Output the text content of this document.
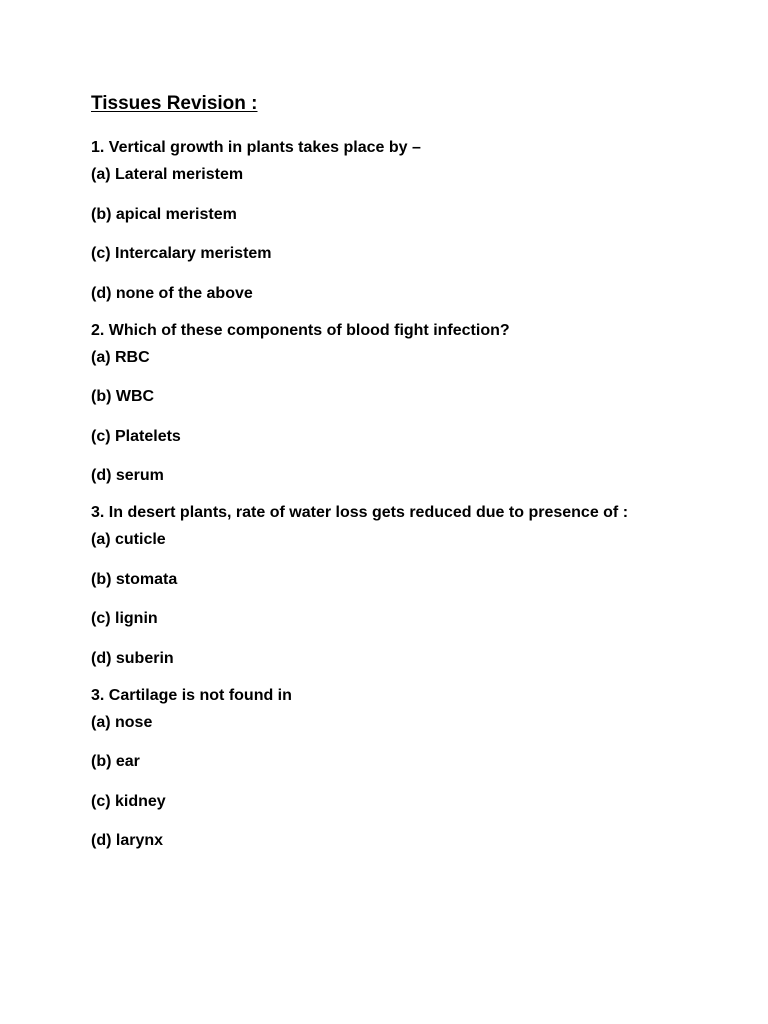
Tissues Revision :
1. Vertical growth in plants takes place by –
(a) Lateral meristem
(b) apical meristem
(c) Intercalary meristem
(d) none of the above
2. Which of these components of blood fight infection?
(a) RBC
(b) WBC
(c) Platelets
(d) serum
3. In desert plants, rate of water loss gets reduced due to presence of :
(a) cuticle
(b) stomata
(c) lignin
(d) suberin
3. Cartilage is not found in
(a) nose
(b) ear
(c) kidney
(d) larynx
